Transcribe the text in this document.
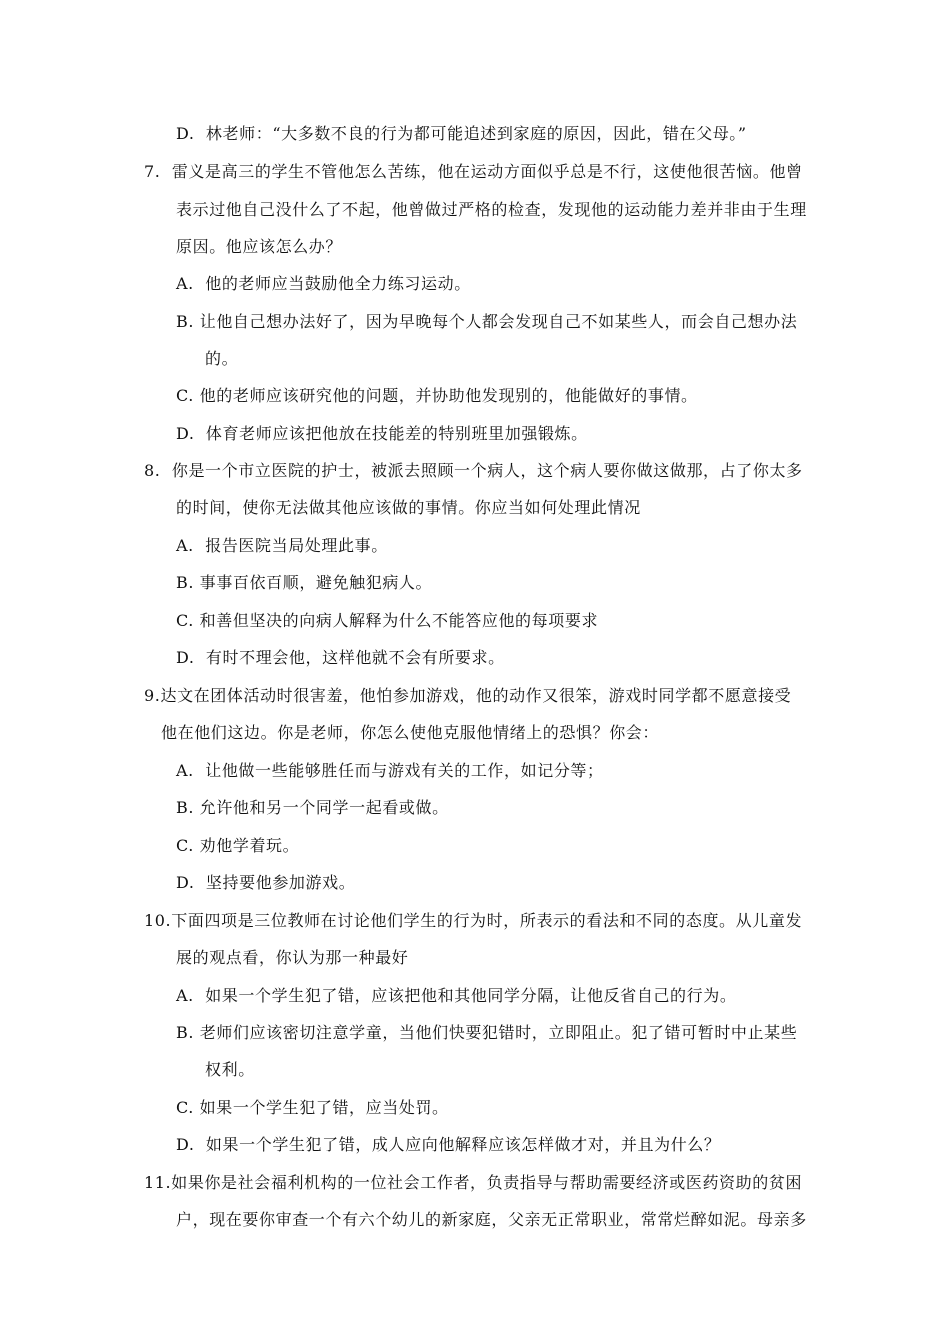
D. 林老师：“大多数不良的行为都可能追述到家庭的原因，因此，错在父母。”
7. 雷义是高三的学生不管他怎么苦练，他在运动方面似乎总是不行，这使他很苦恼。他曾
表示过他自己没什么了不起，他曾做过严格的检查，发现他的运动能力差并非由于生理
原因。他应该怎么办？
A. 他的老师应当鼓励他全力练习运动。
B. 让他自己想办法好了，因为早晚每个人都会发现自己不如某些人，而会自己想办法
的。
C. 他的老师应该研究他的问题，并协助他发现别的，他能做好的事情。
D. 体育老师应该把他放在技能差的特别班里加强锻炼。
8. 你是一个市立医院的护士，被派去照顾一个病人，这个病人要你做这做那，占了你太多
的时间，使你无法做其他应该做的事情。你应当如何处理此情况
A. 报告医院当局处理此事。
B. 事事百依百顺，避免触犯病人。
C. 和善但坚决的向病人解释为什么不能答应他的每项要求
D. 有时不理会他，这样他就不会有所要求。
9.达文在团体活动时很害羞，他怕参加游戏，他的动作又很笨，游戏时同学都不愿意接受
他在他们这边。你是老师，你怎么使他克服他情绪上的恐惧？你会：
A. 让他做一些能够胜任而与游戏有关的工作，如记分等；
B. 允许他和另一个同学一起看或做。
C. 劝他学着玩。
D. 坚持要他参加游戏。
10.下面四项是三位教师在讨论他们学生的行为时，所表示的看法和不同的态度。从儿童发
展的观点看，你认为那一种最好
A. 如果一个学生犯了错，应该把他和其他同学分隔，让他反省自己的行为。
B. 老师们应该密切注意学童，当他们快要犯错时，立即阻止。犯了错可暂时中止某些
权利。
C. 如果一个学生犯了错，应当处罚。
D. 如果一个学生犯了错，成人应向他解释应该怎样做才对，并且为什么？
11.如果你是社会福利机构的一位社会工作者，负责指导与帮助需要经济或医药资助的贫困
户，现在要你审查一个有六个幼儿的新家庭，父亲无正常职业，常常烂醉如泥。母亲多
